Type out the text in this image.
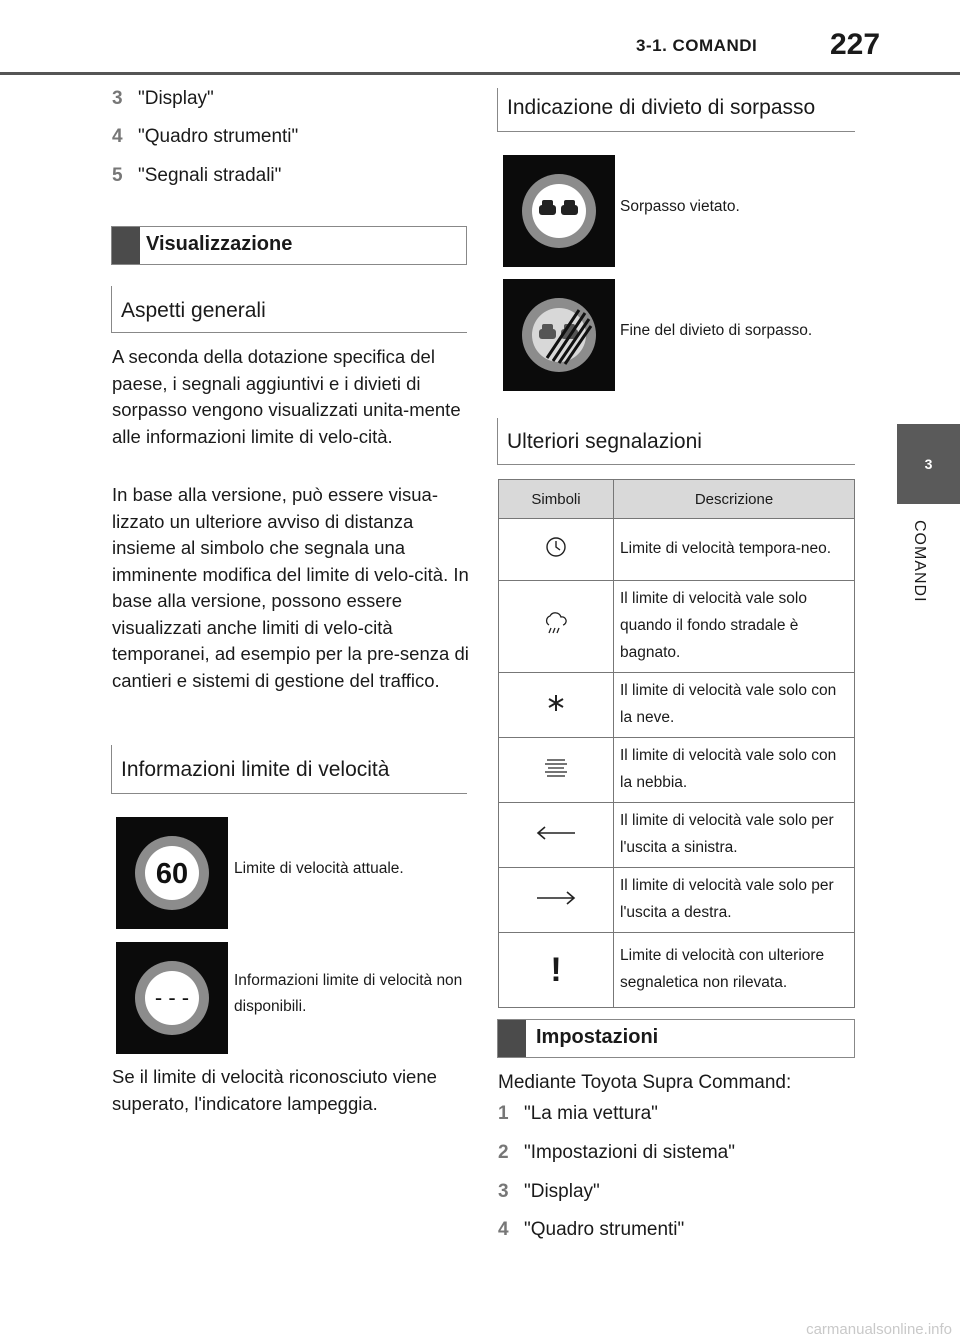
3-1. COMANDI 227
3
COMANDI
3 "Display"
4 "Quadro strumenti"
5 "Segnali stradali"
Visualizzazione
Aspetti generali
A seconda della dotazione specifica del paese, i segnali aggiuntivi e i divieti di sorpasso vengono visualizzati unita-mente alle informazioni limite di velo-cità.
In base alla versione, può essere visua-lizzato un ulteriore avviso di distanza insieme al simbolo che segnala una imminente modifica del limite di velo-cità. In base alla versione, possono essere visualizzati anche limiti di velo-cità temporanei, ad esempio per la pre-senza di cantieri e sistemi di gestione del traffico.
Informazioni limite di velocità
60	Limite di velocità attuale.
- - -
Informazioni limite di velocità non disponibili.
Se il limite di velocità riconosciuto viene superato, l'indicatore lampeggia.
Indicazione di divieto di sorpasso
Sorpasso vietato.
Fine del divieto di sorpasso.
Ulteriori segnalazioni
Simboli	Descrizione
	Limite di velocità tempora-neo.
	Il limite di velocità vale solo quando il fondo stradale è bagnato.
	Il limite di velocità vale solo con la neve.
	Il limite di velocità vale solo con la nebbia.
	Il limite di velocità vale solo per l'uscita a sinistra.
	Il limite di velocità vale solo per l'uscita a destra.
!	Limite di velocità con ulteriore segnaletica non rilevata.
Impostazioni
Mediante Toyota Supra Command:
1 "La mia vettura"
2 "Impostazioni di sistema"
3 "Display"
4 "Quadro strumenti"
carmanualsonline.info
